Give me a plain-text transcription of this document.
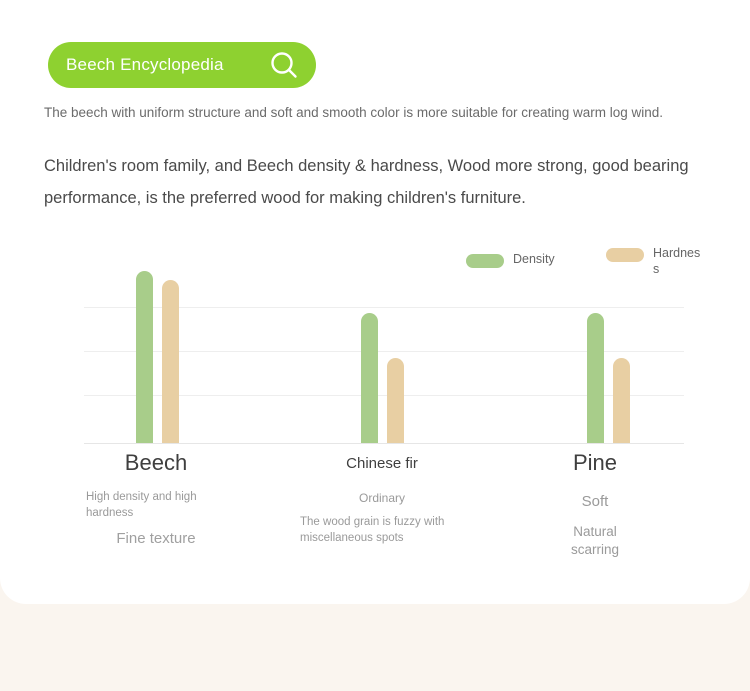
Beech Encyclopedia
The beech with uniform structure and soft and smooth color is more suitable for creating warm log wind.
Children's room family, and Beech density & hardness, Wood more strong, good bearing performance, is the preferred wood for making children's furniture.
Density	Hardness
Beech
High density and high hardness
Fine texture
Chinese fir
Ordinary
The wood grain is fuzzy with miscellaneous spots
Pine
Soft
Natural scarring
